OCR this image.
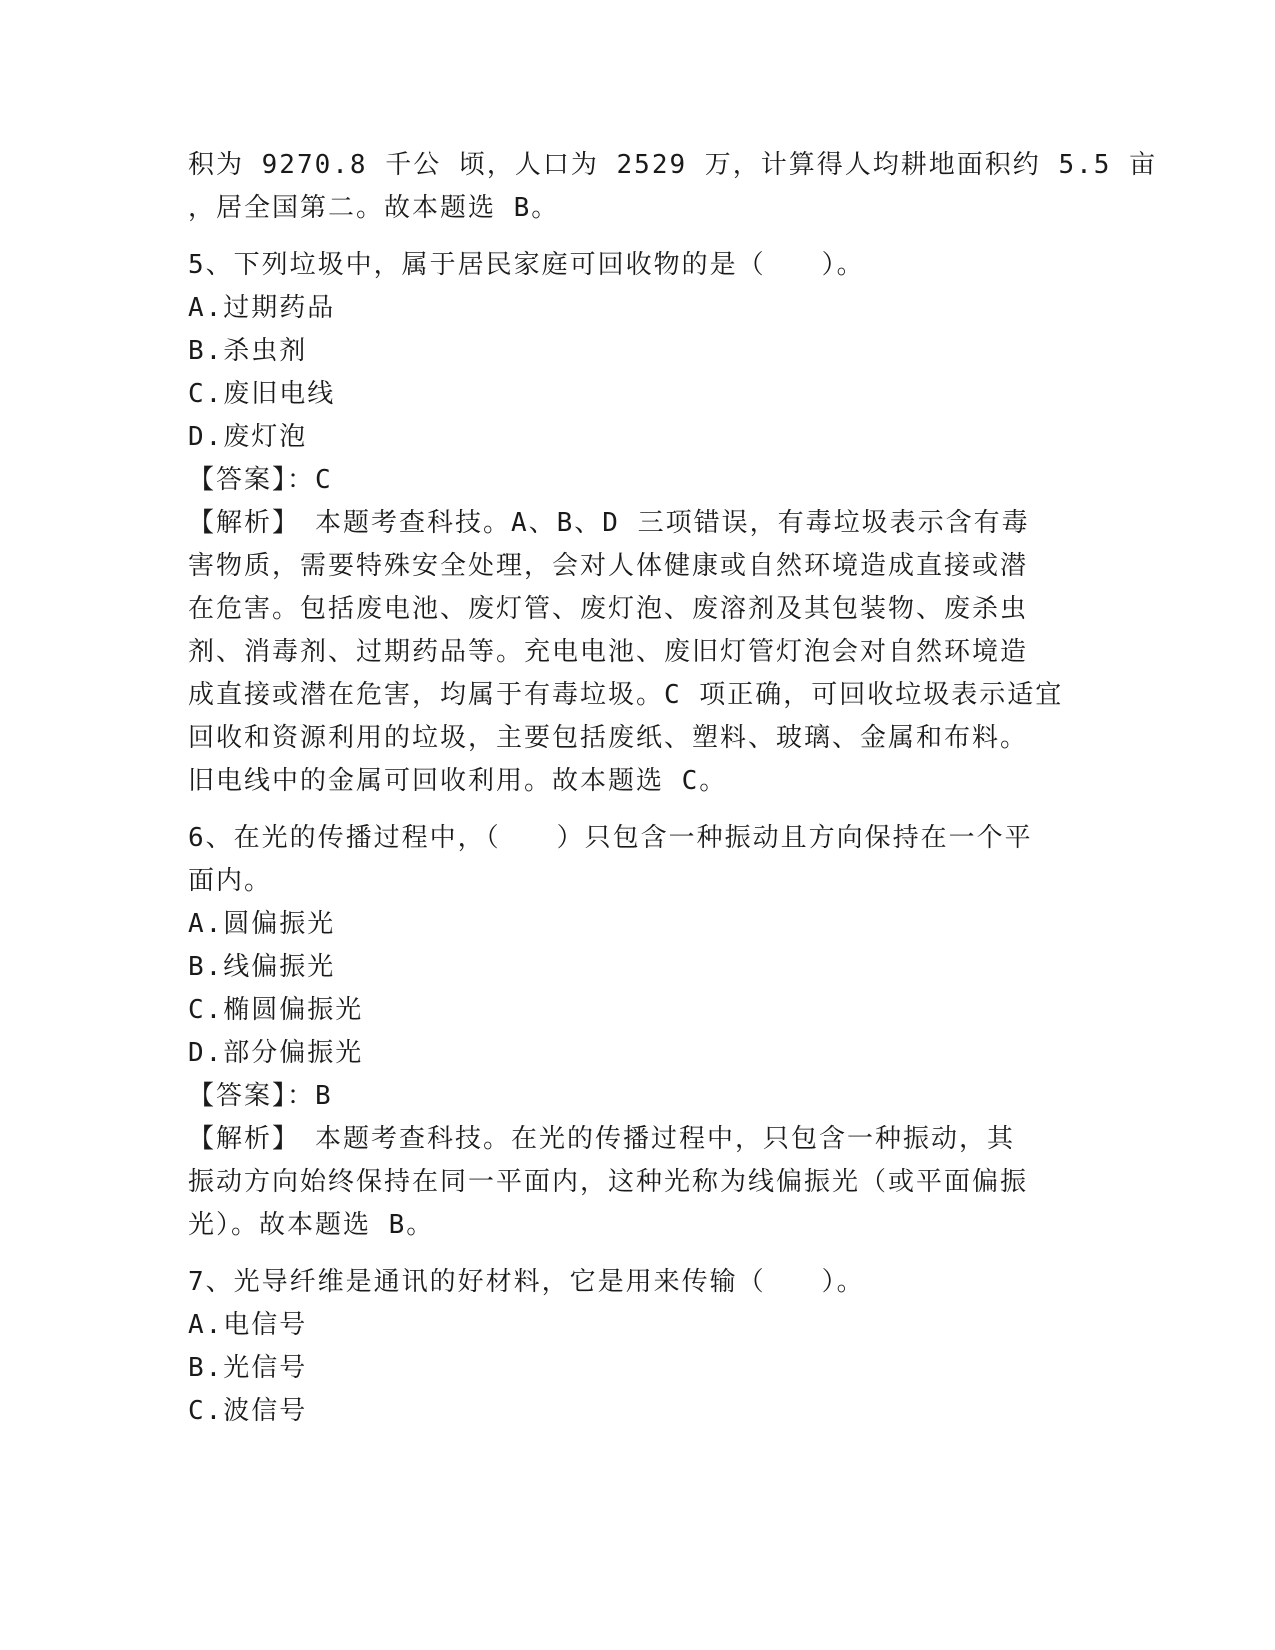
积为 9270.8 千公 顷，人口为 2529 万，计算得人均耕地面积约 5.5 亩
，居全国第二。故本题选 B。
5、下列垃圾中，属于居民家庭可回收物的是（　　）。
A.过期药品
B.杀虫剂
C.废旧电线
D.废灯泡
【答案】：C
【解析】　本题考查科技。A、B、D 三项错误，有毒垃圾表示含有毒
害物质，需要特殊安全处理，会对人体健康或自然环境造成直接或潜
在危害。包括废电池、废灯管、废灯泡、废溶剂及其包装物、废杀虫
剂、消毒剂、过期药品等。充电电池、废旧灯管灯泡会对自然环境造
成直接或潜在危害，均属于有毒垃圾。C 项正确，可回收垃圾表示适宜
回收和资源利用的垃圾，主要包括废纸、塑料、玻璃、金属和布料。
旧电线中的金属可回收利用。故本题选 C。
6、在光的传播过程中，（　　）只包含一种振动且方向保持在一个平
面内。
A.圆偏振光
B.线偏振光
C.椭圆偏振光
D.部分偏振光
【答案】：B
【解析】　本题考查科技。在光的传播过程中，只包含一种振动，其
振动方向始终保持在同一平面内，这种光称为线偏振光（或平面偏振
光）。故本题选 B。
7、光导纤维是通讯的好材料，它是用来传输（　　）。
A.电信号
B.光信号
C.波信号
